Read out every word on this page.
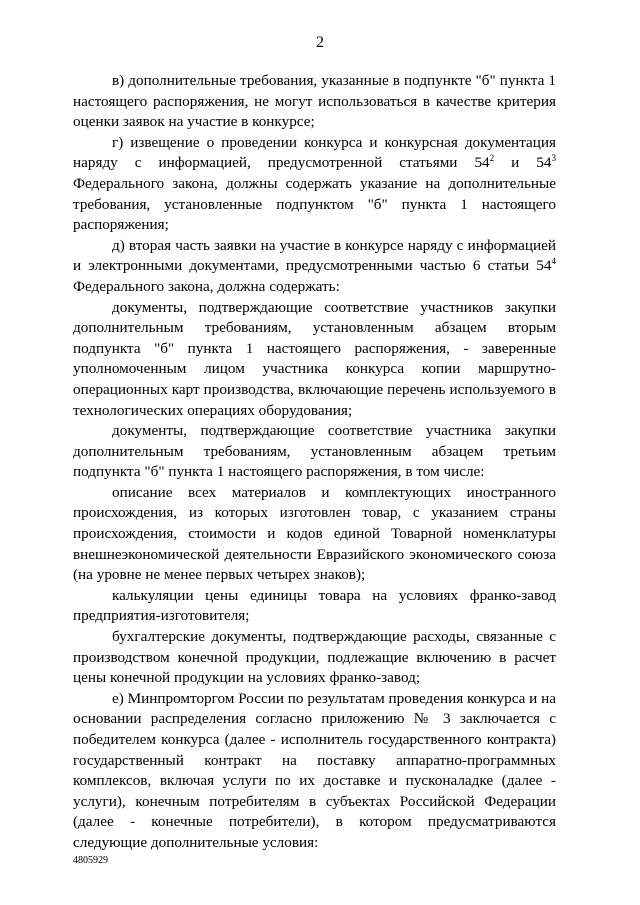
2

в) дополнительные требования, указанные в подпункте "б" пункта 1 настоящего распоряжения, не могут использоваться в качестве критерия оценки заявок на участие в конкурсе;

г) извещение о проведении конкурса и конкурсная документация наряду с информацией, предусмотренной статьями $54^2$ и $54^3$ Федерального закона, должны содержать указание на дополнительные требования, установленные подпунктом "б" пункта 1 настоящего распоряжения;

д) вторая часть заявки на участие в конкурсе наряду с информацией и электронными документами, предусмотренными частью 6 статьи $54^4$ Федерального закона, должна содержать:

документы, подтверждающие соответствие участников закупки дополнительным требованиям, установленным абзацем вторым подпункта "б" пункта 1 настоящего распоряжения, - заверенные уполномоченным лицом участника конкурса копии маршрутно-операционных карт производства, включающие перечень используемого в технологических операциях оборудования;

документы, подтверждающие соответствие участника закупки дополнительным требованиям, установленным абзацем третьим подпункта "б" пункта 1 настоящего распоряжения, в том числе:

описание всех материалов и комплектующих иностранного происхождения, из которых изготовлен товар, с указанием страны происхождения, стоимости и кодов единой Товарной номенклатуры внешнеэкономической деятельности Евразийского экономического союза (на уровне не менее первых четырех знаков);

калькуляции цены единицы товара на условиях франко-завод предприятия-изготовителя;

бухгалтерские документы, подтверждающие расходы, связанные с производством конечной продукции, подлежащие включению в расчет цены конечной продукции на условиях франко-завод;

е) Минпромторгом России по результатам проведения конкурса и на основании распределения согласно приложению № 3 заключается с победителем конкурса (далее - исполнитель государственного контракта) государственный контракт на поставку аппаратно-программных комплексов, включая услуги по их доставке и пусконаладке (далее - услуги), конечным потребителям в субъектах Российской Федерации (далее - конечные потребители), в котором предусматриваются следующие дополнительные условия:

4805929
